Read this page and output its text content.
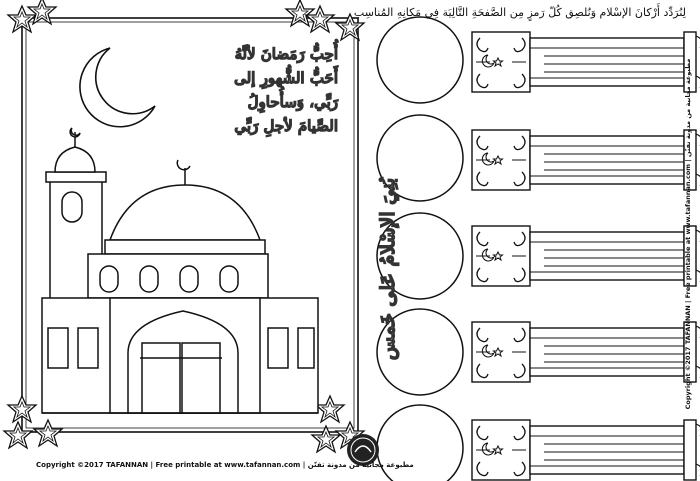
لِنُرَدِّد أَرْكانَ الإسْلام وَنُلصِق كُلّ رَمزٍ مِن الصَّفحَةِ التَّالِيَة فِي مَكانِهِ المُناسِب
أُحِبُّ رَمَضانَ لأنَّهُ
أَحَبُّ الشُّهورِ إلى
رَبِّي، وَسأُحاوِلُ
الصِّيامَ لأجلِ رَبِّي
بُنِيَ الإسْلامُ عَلى خَمس
Copyright ©2017 TAFANNAN | Free printable at www.tafannan.com | مطبوعة مجانية من مدونة تفنّن
Copyright ©2017 TAFANNAN | Free printable at www.tafannan.com | مطبوعة مجانية من مدونة تفنّن
